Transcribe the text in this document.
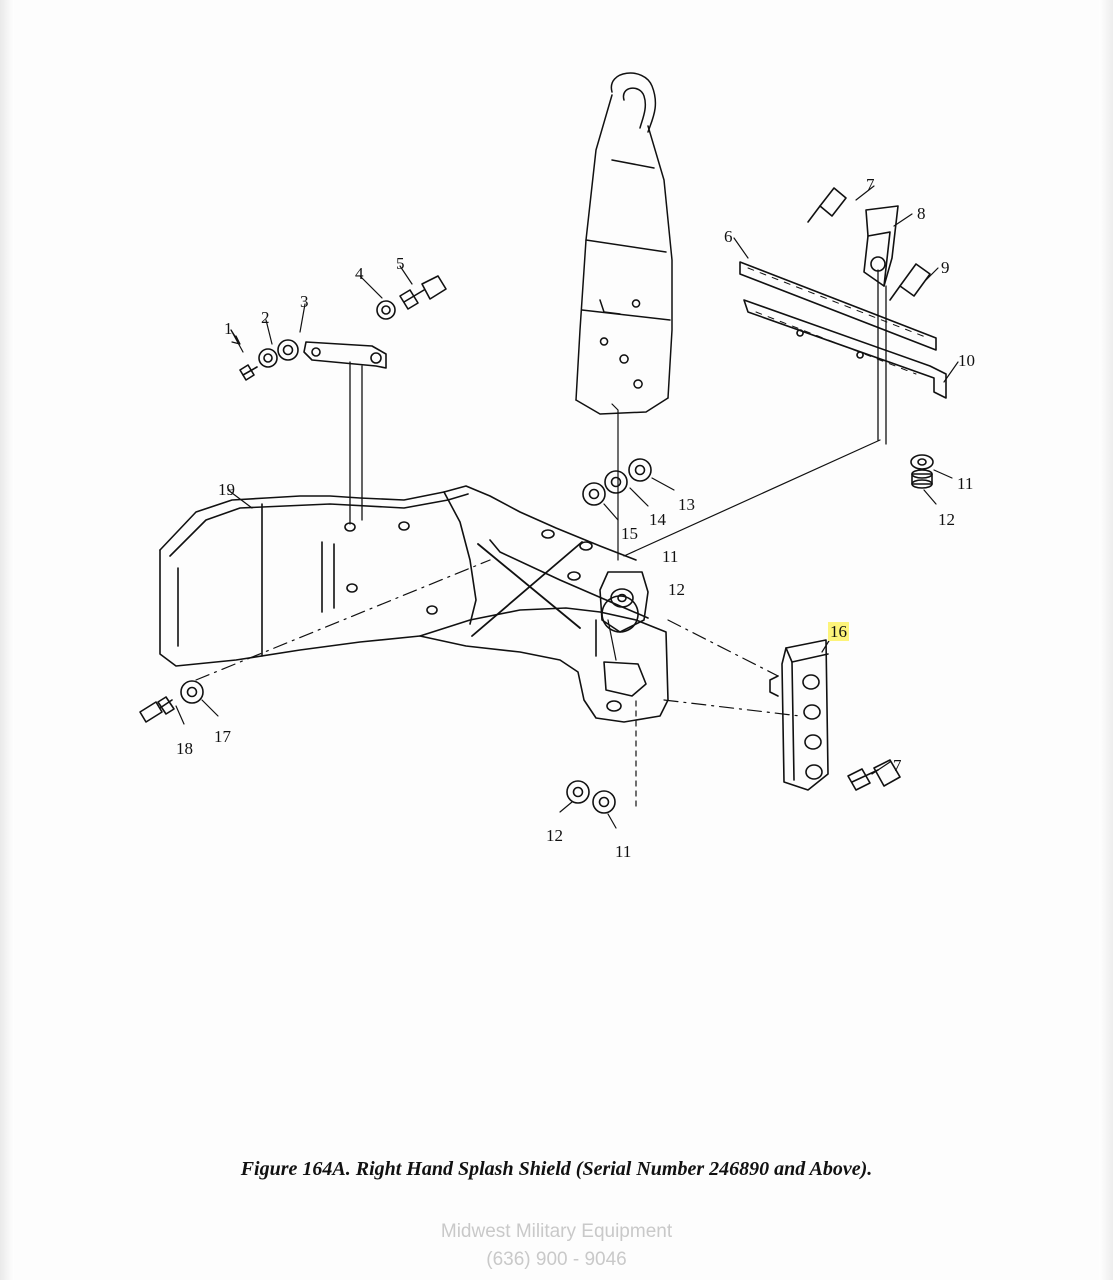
1
2
3
4
5
6
7
8
9
10
11
12
13
14
15
19
11
12
16
17
18
7
12
11
Figure 164A. Right Hand Splash Shield (Serial Number 246890 and Above).
Midwest Military Equipment
(636) 900 - 9046
